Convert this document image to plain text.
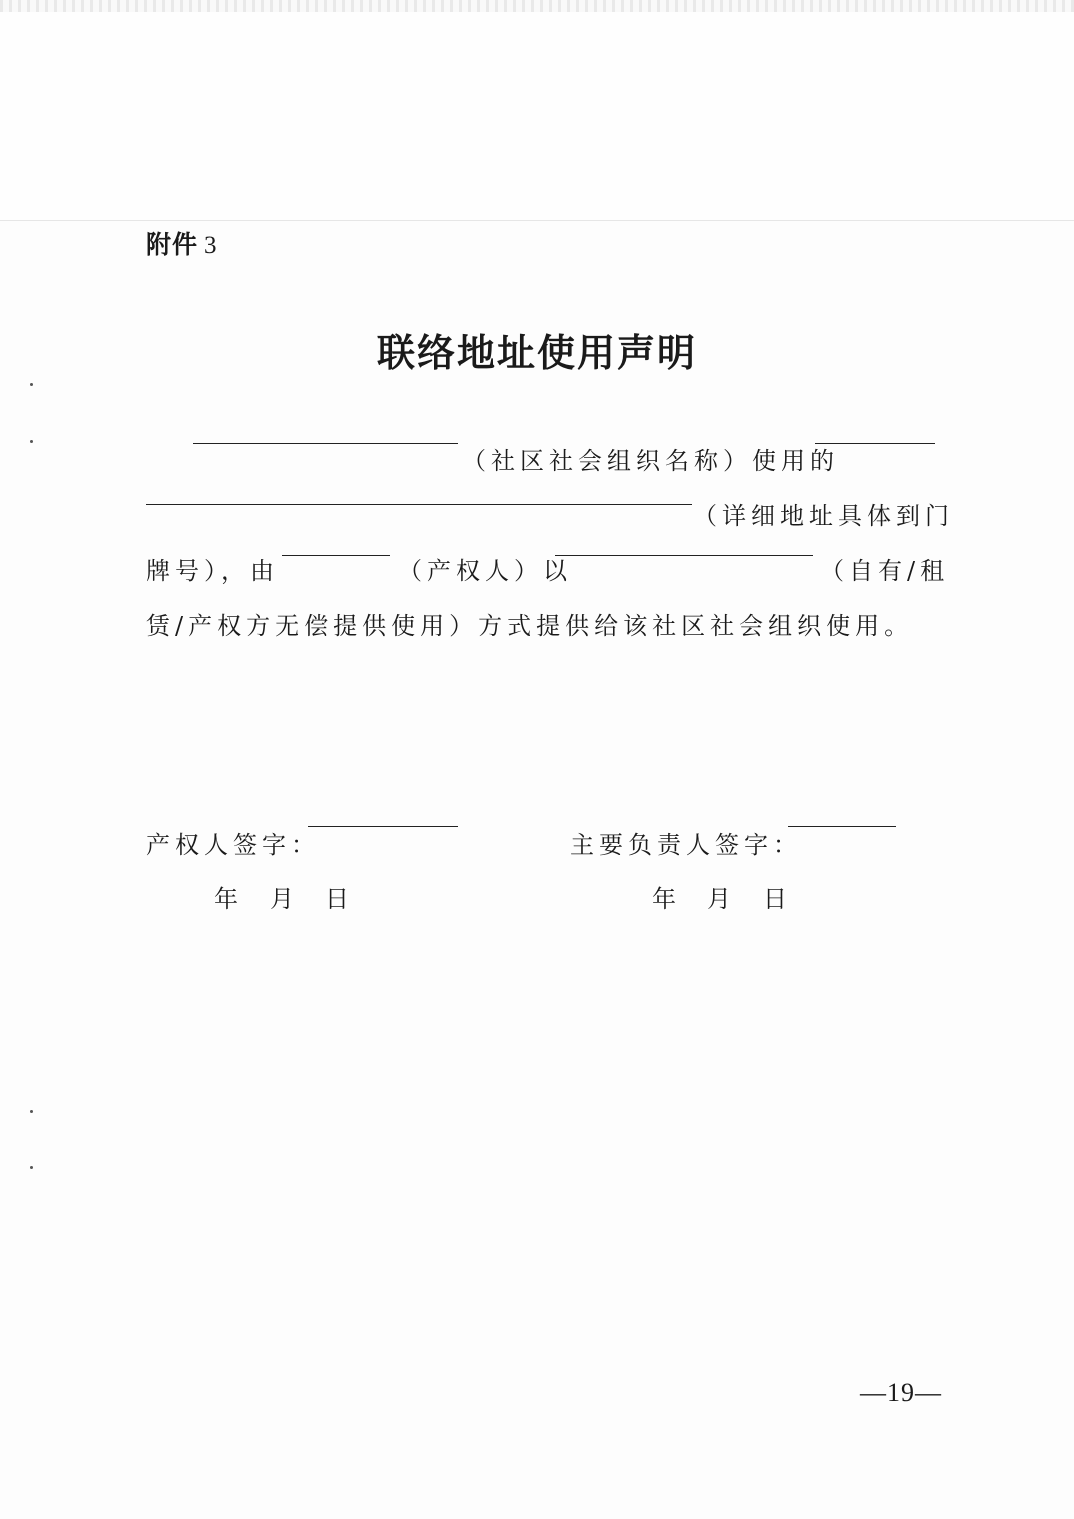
附件 3
联络地址使用声明
（社区社会组织名称）使用的
（详细地址具体到门
牌号），由	（产权人）以	（自有/租
赁/产权方无偿提供使用）方式提供给该社区社会组织使用。
产权人签字：	主要负责人签字：
年 月 日	年 月 日
—19—
